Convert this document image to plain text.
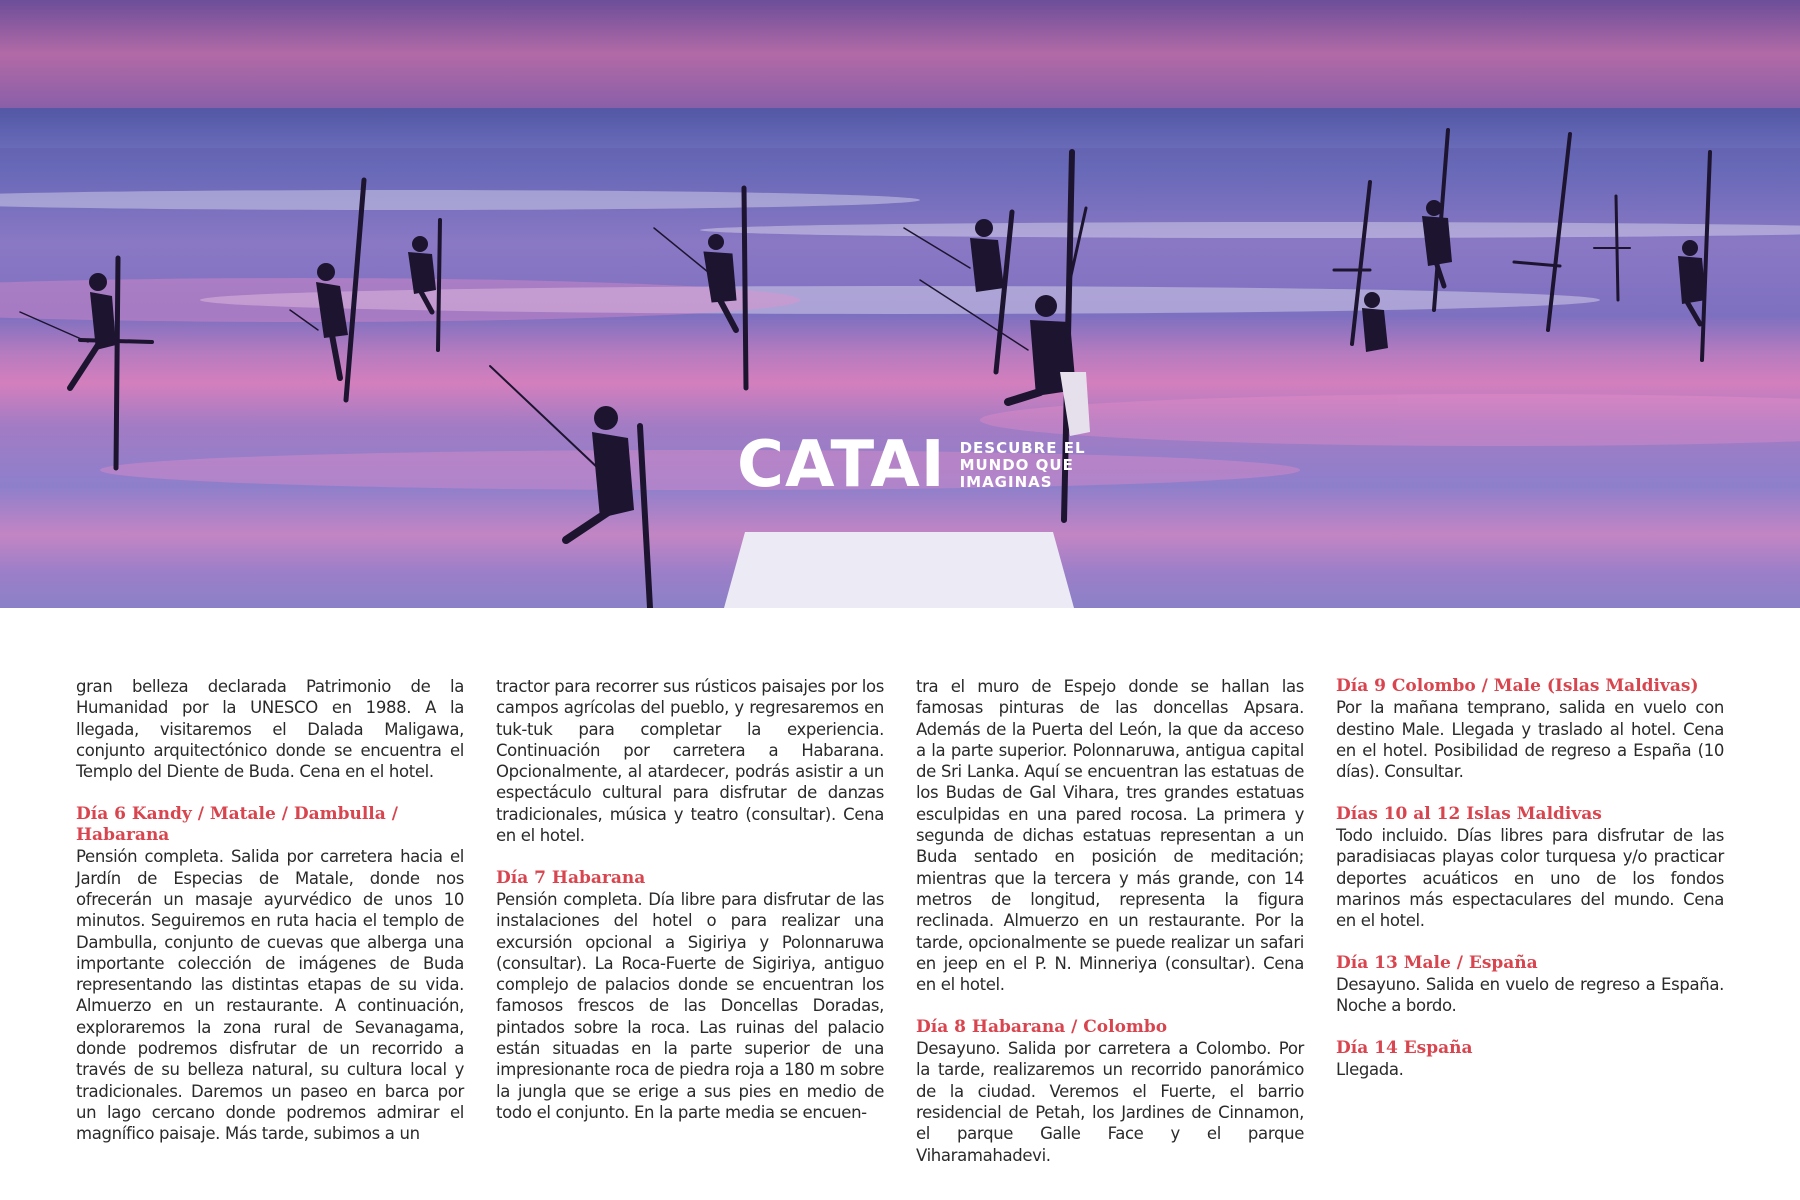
CATAI DESCUBRE EL
MUNDO QUE
IMAGINAS

gran belleza declarada Patrimonio de la Humanidad por la UNESCO en 1988. A la llegada, visitaremos el Dalada Maligawa, conjunto arquitectónico donde se encuentra el Templo del Diente de Buda. Cena en el hotel.

Día 6 Kandy / Matale / Dambulla / Habarana

Pensión completa. Salida por carretera hacia el Jardín de Especias de Matale, donde nos ofrecerán un masaje ayurvédico de unos 10 minutos. Seguiremos en ruta hacia el templo de Dambulla, conjunto de cuevas que alberga una importante colección de imágenes de Buda representando las distintas etapas de su vida. Almuerzo en un restaurante. A continuación, exploraremos la zona rural de Sevanagama, donde podremos disfrutar de un recorrido a través de su belleza natural, su cultura local y tradicionales. Daremos un paseo en barca por un lago cercano donde podremos admirar el magnífico paisaje. Más tarde, subimos a un

tractor para recorrer sus rústicos paisajes por los campos agrícolas del pueblo, y regresaremos en tuk-tuk para completar la experiencia. Continuación por carretera a Habarana. Opcionalmente, al atardecer, podrás asistir a un espectáculo cultural para disfrutar de danzas tradicionales, música y teatro (consultar). Cena en el hotel.

Día 7 Habarana

Pensión completa. Día libre para disfrutar de las instalaciones del hotel o para realizar una excursión opcional a Sigiriya y Polonnaruwa (consultar). La Roca-Fuerte de Sigiriya, antiguo complejo de palacios donde se encuentran los famosos frescos de las Doncellas Doradas, pintados sobre la roca. Las ruinas del palacio están situadas en la parte superior de una impresionante roca de piedra roja a 180 m sobre la jungla que se erige a sus pies en medio de todo el conjunto. En la parte media se encuen-

tra el muro de Espejo donde se hallan las famosas pinturas de las doncellas Apsara. Además de la Puerta del León, la que da acceso a la parte superior. Polonnaruwa, antigua capital de Sri Lanka. Aquí se encuentran las estatuas de los Budas de Gal Vihara, tres grandes estatuas esculpidas en una pared rocosa. La primera y segunda de dichas estatuas representan a un Buda sentado en posición de meditación; mientras que la tercera y más grande, con 14 metros de longitud, representa la figura reclinada. Almuerzo en un restaurante. Por la tarde, opcionalmente se puede realizar un safari en jeep en el P. N. Minneriya (consultar). Cena en el hotel.

Día 8 Habarana / Colombo

Desayuno. Salida por carretera a Colombo. Por la tarde, realizaremos un recorrido panorámico de la ciudad. Veremos el Fuerte, el barrio residencial de Petah, los Jardines de Cinnamon, el parque Galle Face y el parque Viharamahadevi.

Día 9 Colombo / Male (Islas Maldivas)

Por la mañana temprano, salida en vuelo con destino Male. Llegada y traslado al hotel. Cena en el hotel. Posibilidad de regreso a España (10 días). Consultar.

Días 10 al 12 Islas Maldivas

Todo incluido. Días libres para disfrutar de las paradisiacas playas color turquesa y/o practicar deportes acuáticos en uno de los fondos marinos más espectaculares del mundo. Cena en el hotel.

Día 13 Male / España

Desayuno. Salida en vuelo de regreso a España. Noche a bordo.

Día 14 España

Llegada.
